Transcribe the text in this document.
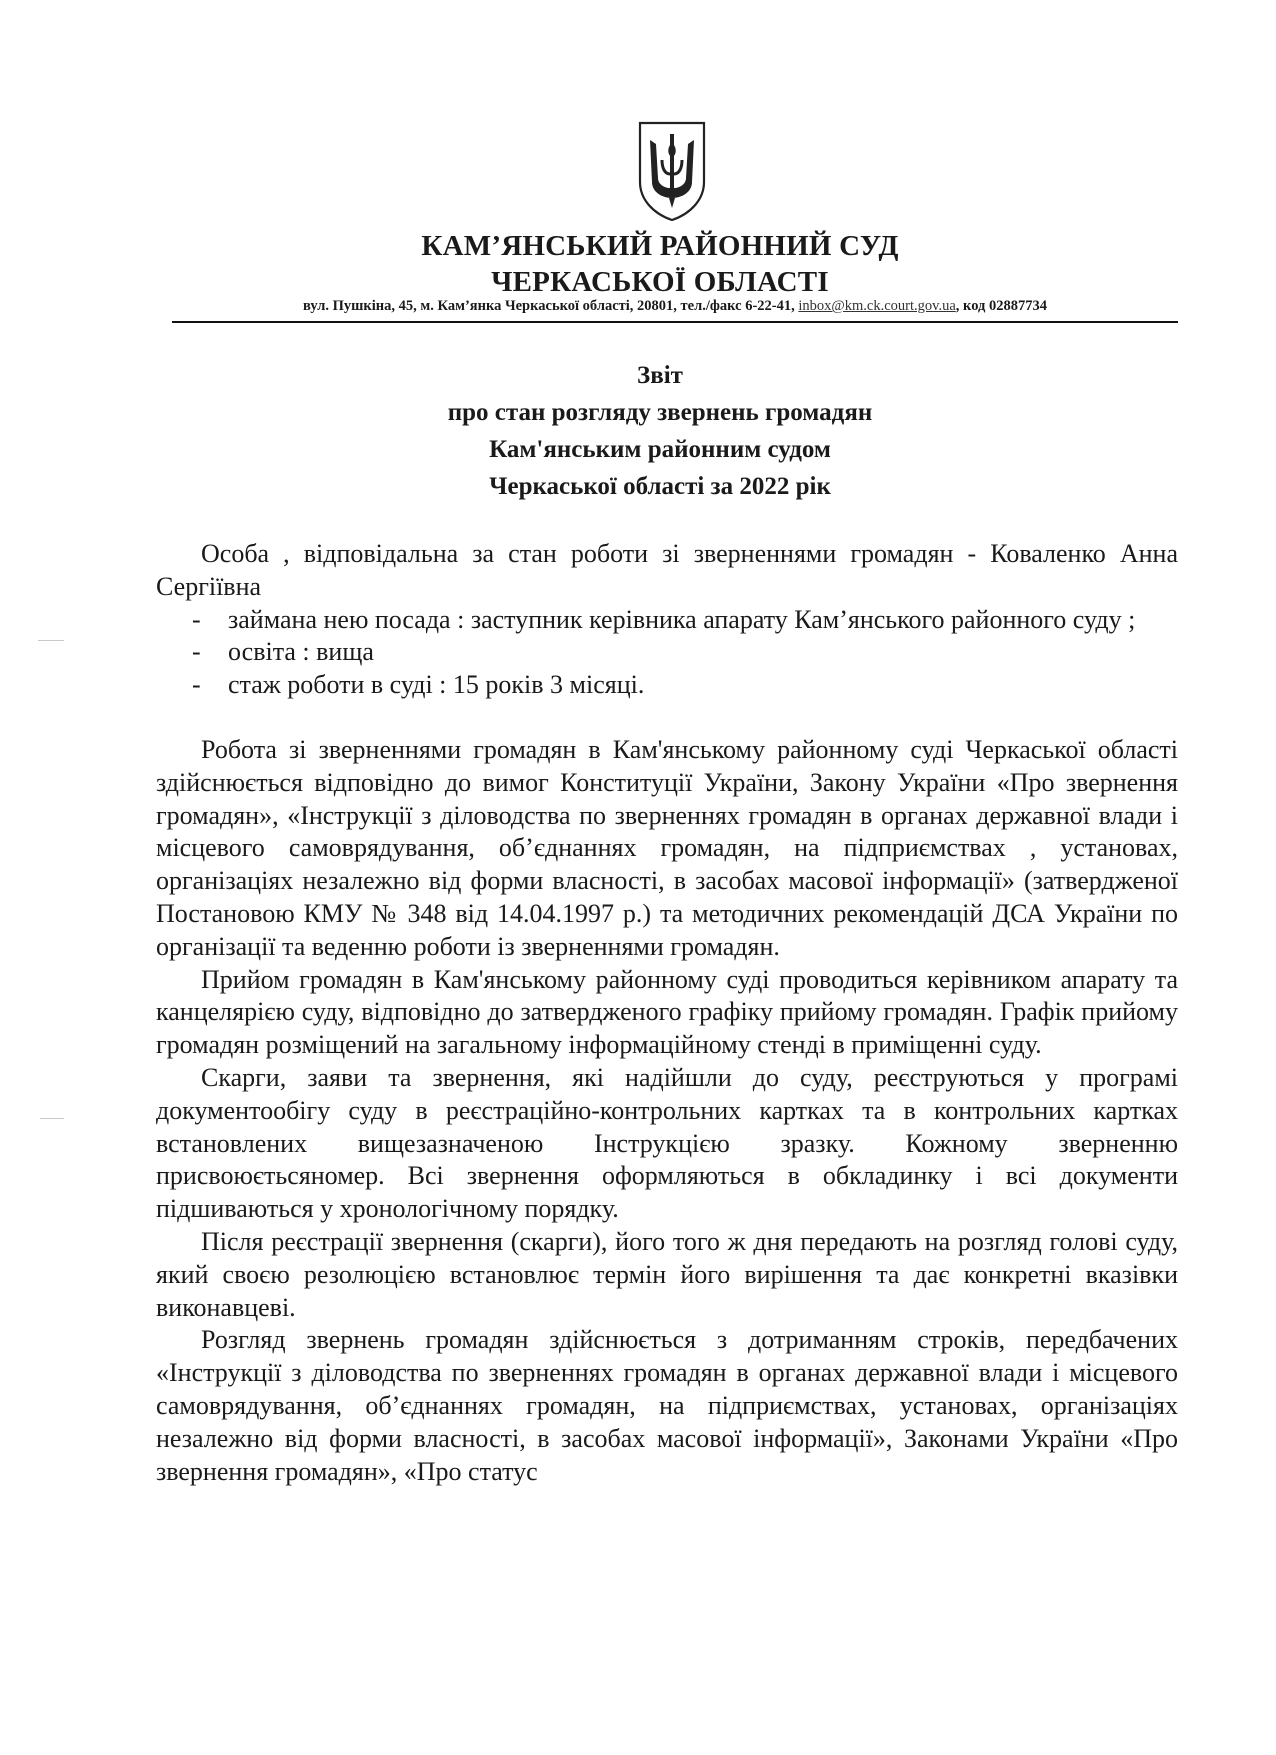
КАМ’ЯНСЬКИЙ РАЙОННИЙ СУД
ЧЕРКАСЬКОЇ ОБЛАСТІ
вул. Пушкіна, 45, м. Кам’янка Черкаської області, 20801, тел./факс 6-22-41, inbox@km.ck.court.gov.ua, код 02887734
Звіт
про стан розгляду звернень громадян
Кам'янським районним судом
Черкаської області за 2022 рік

Особа , відповідальна за стан роботи зі зверненнями громадян - Коваленко Анна Сергіївна

- займана нею посада : заступник керівника апарату Кам’янського районного суду ;
- освіта : вища
- стаж роботи в суді : 15 років 3 місяці.

Робота зі зверненнями громадян в Кам'янському районному суді Черкаської області здійснюється відповідно до вимог Конституції України, Закону України «Про звернення громадян», «Інструкції з діловодства по зверненнях громадян в органах державної влади і місцевого самоврядування, об’єднаннях громадян, на підприємствах , установах, організаціях незалежно від форми власності, в засобах масової інформації» (затвердженої Постановою КМУ № 348 від 14.04.1997 р.) та методичних рекомендацій ДСА України по організації та веденню роботи із зверненнями громадян.

Прийом громадян в Кам'янському районному суді проводиться керівником апарату та канцелярією суду, відповідно до затвердженого графіку прийому громадян. Графік прийому громадян розміщений на загальному інформаційному стенді в приміщенні суду.

Скарги, заяви та звернення, які надійшли до суду, реєструються у програмі документообігу суду в реєстраційно-контрольних картках та в контрольних картках встановлених вищезазначеною Інструкцією зразку. Кожному зверненню присвоюєтьсяномер. Всі звернення оформляються в обкладинку і всі документи підшиваються у хронологічному порядку.

Після реєстрації звернення (скарги), його того ж дня передають на розгляд голові суду, який своєю резолюцією встановлює термін його вирішення та дає конкретні вказівки виконавцеві.

Розгляд звернень громадян здійснюється з дотриманням строків, передбачених «Інструкції з діловодства по зверненнях громадян в органах державної влади і місцевого самоврядування, об’єднаннях громадян, на підприємствах, установах, організаціях незалежно від форми власності, в засобах масової інформації», Законами України «Про звернення громадян», «Про статус
